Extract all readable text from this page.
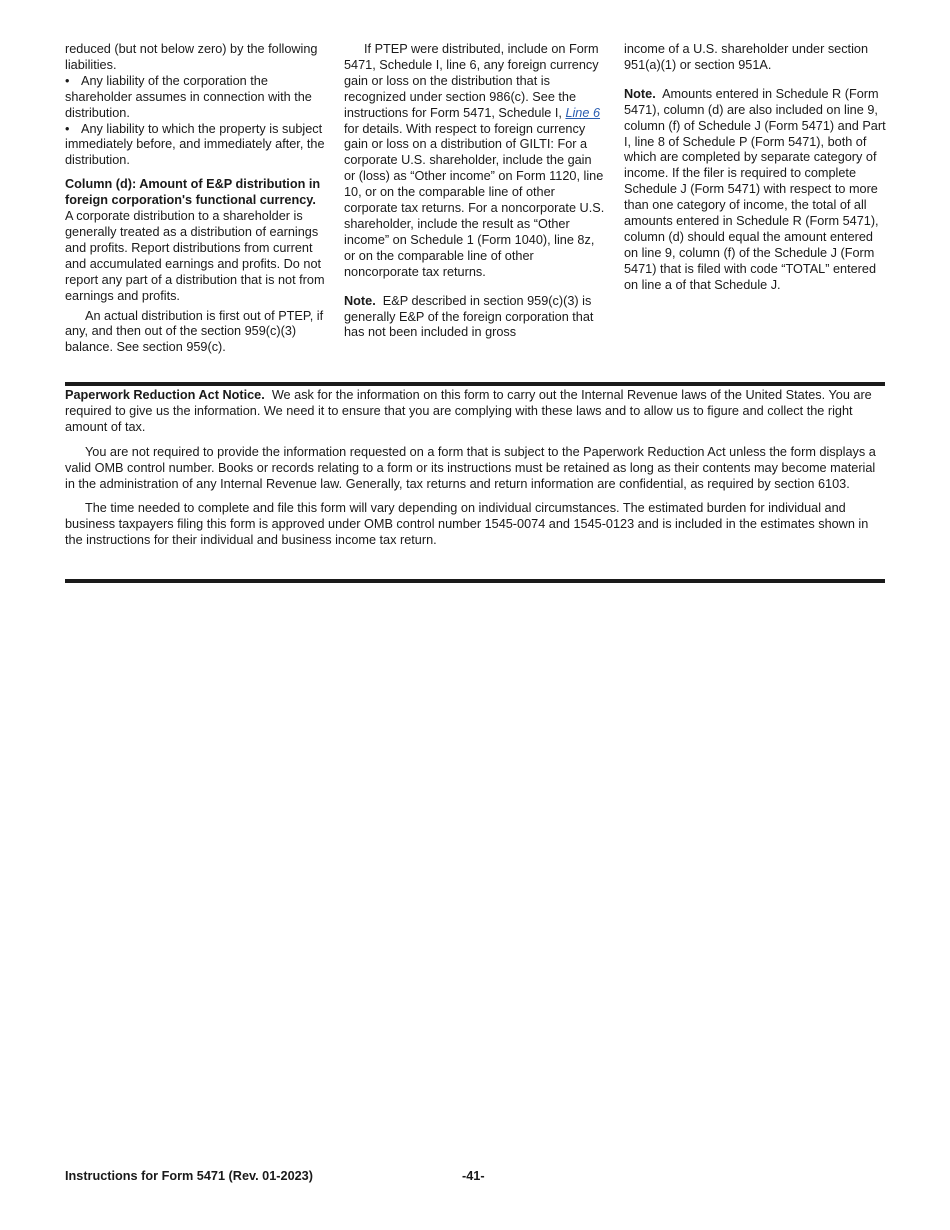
reduced (but not below zero) by the following liabilities.

• Any liability of the corporation the shareholder assumes in connection with the distribution.

• Any liability to which the property is subject immediately before, and immediately after, the distribution.

Column (d): Amount of E&P distribution in foreign corporation's functional currency.  A corporate distribution to a shareholder is generally treated as a distribution of earnings and profits. Report distributions from current and accumulated earnings and profits. Do not report any part of a distribution that is not from earnings and profits.

An actual distribution is first out of PTEP, if any, and then out of the section 959(c)(3) balance. See section 959(c).

If PTEP were distributed, include on Form 5471, Schedule I, line 6, any foreign currency gain or loss on the distribution that is recognized under section 986(c). See the instructions for Form 5471, Schedule I, Line 6 for details. With respect to foreign currency gain or loss on a distribution of GILTI: For a corporate U.S. shareholder, include the gain or (loss) as “Other income” on Form 1120, line 10, or on the comparable line of other corporate tax returns. For a noncorporate U.S. shareholder, include the result as “Other income” on Schedule 1 (Form 1040), line 8z, or on the comparable line of other noncorporate tax returns.

Note. E&P described in section 959(c)(3) is generally E&P of the foreign corporation that has not been included in gross

income of a U.S. shareholder under section 951(a)(1) or section 951A.

Note. Amounts entered in Schedule R (Form 5471), column (d) are also included on line 9, column (f) of Schedule J (Form 5471) and Part I, line 8 of Schedule P (Form 5471), both of which are completed by separate category of income. If the filer is required to complete Schedule J (Form 5471) with respect to more than one category of income, the total of all amounts entered in Schedule R (Form 5471), column (d) should equal the amount entered on line 9, column (f) of the Schedule J (Form 5471) that is filed with code “TOTAL” entered on line a of that Schedule J.

Paperwork Reduction Act Notice. We ask for the information on this form to carry out the Internal Revenue laws of the United States. You are required to give us the information. We need it to ensure that you are complying with these laws and to allow us to figure and collect the right amount of tax.

You are not required to provide the information requested on a form that is subject to the Paperwork Reduction Act unless the form displays a valid OMB control number. Books or records relating to a form or its instructions must be retained as long as their contents may become material in the administration of any Internal Revenue law. Generally, tax returns and return information are confidential, as required by section 6103.

The time needed to complete and file this form will vary depending on individual circumstances. The estimated burden for individual and business taxpayers filing this form is approved under OMB control number 1545-0074 and 1545-0123 and is included in the estimates shown in the instructions for their individual and business income tax return.

Instructions for Form 5471 (Rev. 01-2023)	-41-
